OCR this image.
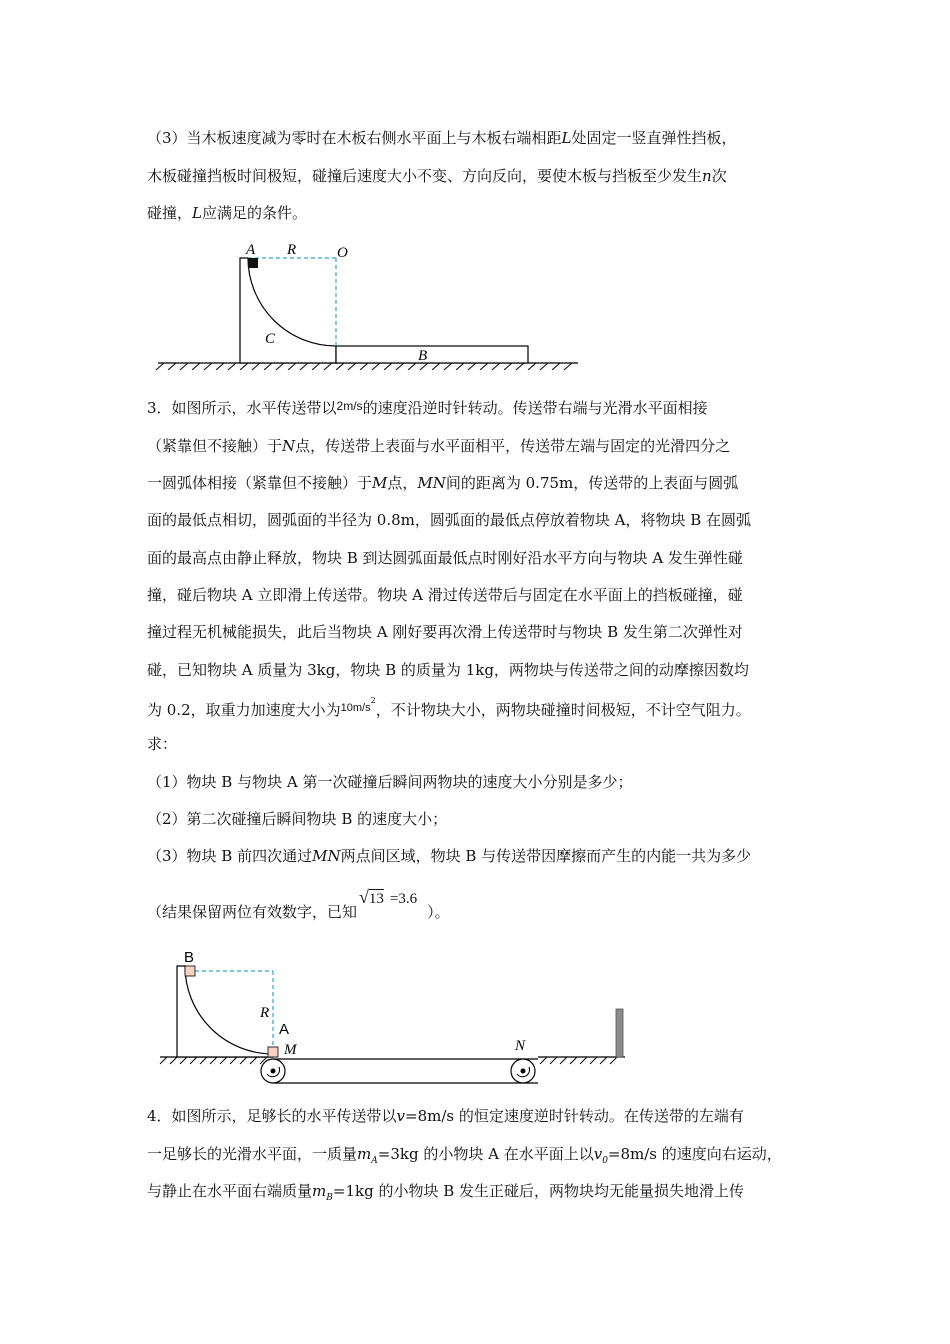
（3）当木板速度减为零时在木板右侧水平面上与木板右端相距L处固定一竖直弹性挡板，
木板碰撞挡板时间极短，碰撞后速度大小不变、方向反向，要使木板与挡板至少发生n次
碰撞，L应满足的条件。
A R	O
C
B
3．如图所示，水平传送带以$^{2m/s}$的速度沿逆时针转动。传送带右端与光滑水平面相接
（紧靠但不接触）于N点，传送带上表面与水平面相平，传送带左端与固定的光滑四分之
一圆弧体相接（紧靠但不接触）于M点，MN间的距离为 0.75m，传送带的上表面与圆弧
面的最低点相切，圆弧面的半径为 0.8m，圆弧面的最低点停放着物块 A，将物块 B 在圆弧
面的最高点由静止释放，物块 B 到达圆弧面最低点时刚好沿水平方向与物块 A 发生弹性碰
撞，碰后物块 A 立即滑上传送带。物块 A 滑过传送带后与固定在水平面上的挡板碰撞，碰
撞过程无机械能损失，此后当物块 A 刚好要再次滑上传送带时与物块 B 发生第二次弹性对
碰，已知物块 A 质量为 3kg，物块 B 的质量为 1kg，两物块与传送带之间的动摩擦因数均
为 0.2，取重力加速度大小为$^{10m/s2}$，不计物块大小，两物块碰撞时间极短，不计空气阻力。
求：
（1）物块 B 与物块 A 第一次碰撞后瞬间两物块的速度大小分别是多少；
（2）第二次碰撞后瞬间物块 B 的速度大小；
（3）物块 B 前四次通过MN两点间区域，物块 B 与传送带因摩擦而产生的内能一共为多少
（结果保留两位有效数字，已知√13 =3.6）。
B
R
A
M	N
4．如图所示，足够长的水平传送带以v=8m/s 的恒定速度逆时针转动。在传送带的左端有
一足够长的光滑水平面，一质量$m_A=3kg$ 的小物块 A 在水平面上以$v_0=8m/s$ 的速度向右运动，
与静止在水平面右端质量$m_B=1kg$ 的小物块 B 发生正碰后，两物块均无能量损失地滑上传
